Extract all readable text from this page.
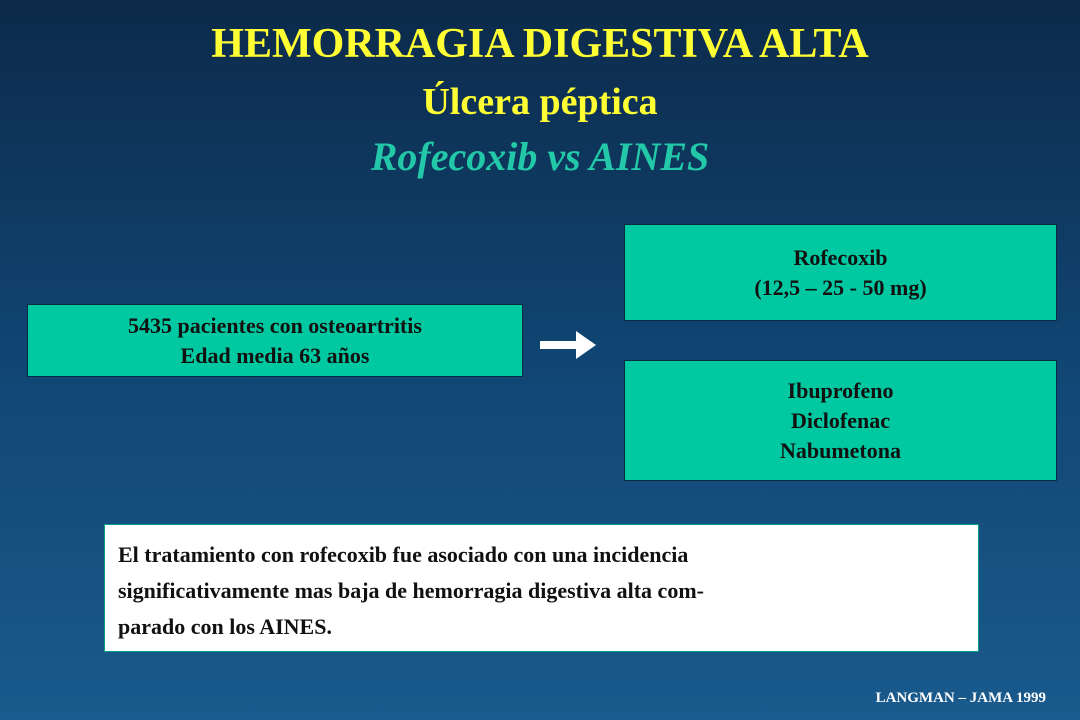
HEMORRAGIA DIGESTIVA ALTA
Úlcera péptica
Rofecoxib vs AINES
5435 pacientes con osteoartritis
Edad media 63 años
Rofecoxib
(12,5 – 25 - 50 mg)
Ibuprofeno
Diclofenac
Nabumetona
El tratamiento con rofecoxib fue asociado con una incidencia
significativamente mas baja de hemorragia digestiva alta com-
parado con los AINES.
LANGMAN – JAMA 1999
